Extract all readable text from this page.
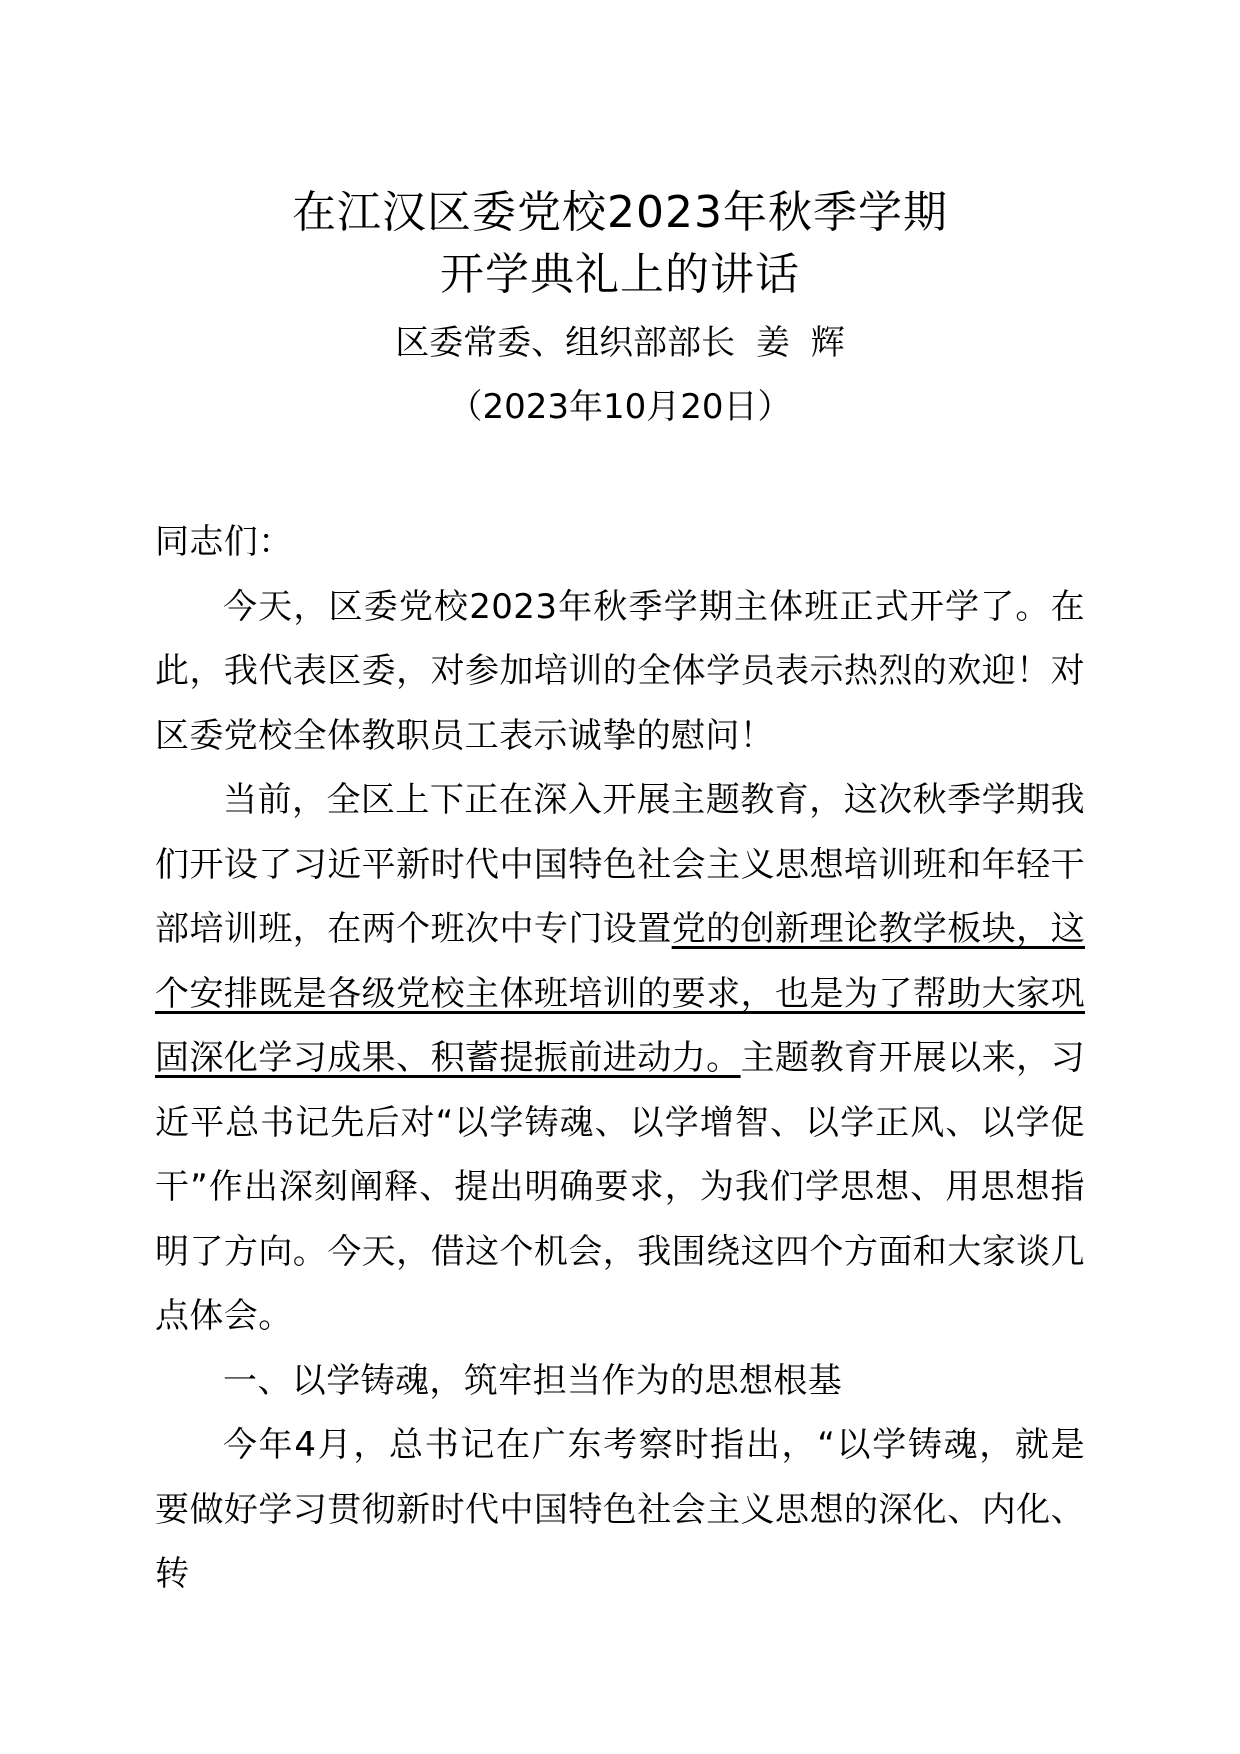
在江汉区委党校2023年秋季学期
开学典礼上的讲话
区委常委、组织部部长 姜 辉
（2023年10月20日）

同志们：

今天，区委党校2023年秋季学期主体班正式开学了。在此，我代表区委，对参加培训的全体学员表示热烈的欢迎！对区委党校全体教职员工表示诚挚的慰问！

当前，全区上下正在深入开展主题教育，这次秋季学期我们开设了习近平新时代中国特色社会主义思想培训班和年轻干部培训班，在两个班次中专门设置党的创新理论教学板块，这个安排既是各级党校主体班培训的要求，也是为了帮助大家巩固深化学习成果、积蓄提振前进动力。主题教育开展以来，习近平总书记先后对“以学铸魂、以学增智、以学正风、以学促干”作出深刻阐释、提出明确要求，为我们学思想、用思想指明了方向。今天，借这个机会，我围绕这四个方面和大家谈几点体会。

一、以学铸魂，筑牢担当作为的思想根基

今年4月，总书记在广东考察时指出，“以学铸魂，就是要做好学习贯彻新时代中国特色社会主义思想的深化、内化、转
